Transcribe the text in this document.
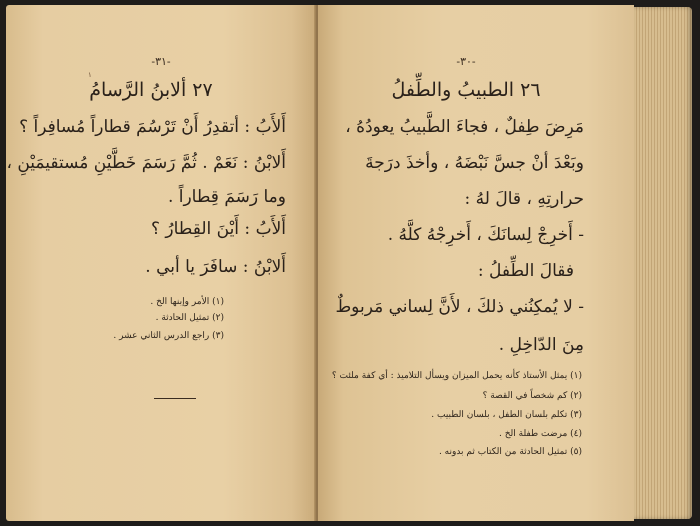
١
-٣١-
٢٧ ألابنُ الرَّسامُ
أَلأَبُ : أتقدِرُ أَنْ تَرْسُمَ قطاراً مُسافِراً ؟
أَلابْنُ : نَعَمْ . ثُمَّ رَسَمَ خَطَّيْنِ مُستقيمَيْنِ ،
وما رَسَمَ قِطاراً .
أَلأَبُ : أَيْنَ القِطارُ ؟
أَلابْنُ : سافَرَ يا أبي .
(١) الأمر وإبنها الخ .
(٢) تمثيل الحادثة .
(٣) راجع الدرس الثاني عشر .
-٣٠-
٢٦ الطبيبُ والطِّفلُ
مَرِضَ طِفلٌ ، فجاءَ الطَّبيبُ يعودُهُ ،
وبَعْدَ أنْ جسَّ نَبْضَهُ ، وأخذَ درَجةَ
حرارتِهِ ، قالَ لهُ :
- أَخرِجْ لِسانَكَ ، أَخرِجْهُ كلَّهُ .
فقالَ الطِّفلُ :
- لا يُمكِنُني ذلكَ ، لأَنَّ لِساني مَربوطٌ
مِنَ الدّاخِلِ .
(١) يمثل الأستاذ كأنه يحمل الميزان ويسأل التلاميذ : أي كفة ملئت ؟
(٢) كم شخصاً في القصة ؟
(٣) تكلم بلسان الطفل ، بلسان الطبيب .
(٤) مرضت طفلة الخ .
(٥) تمثيل الحادثة من الكتاب ثم بدونه .
